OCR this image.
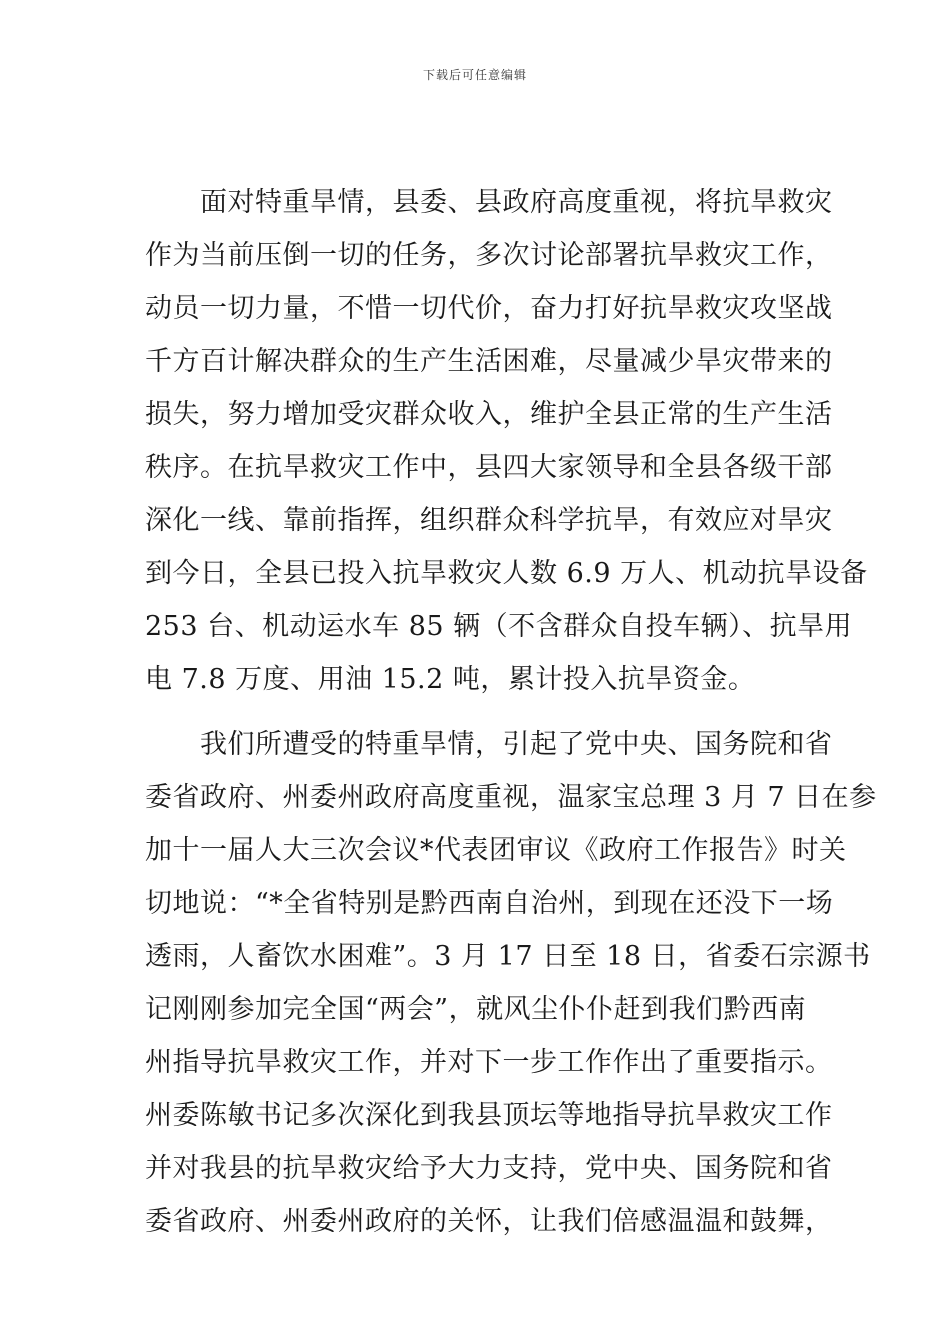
下载后可任意编辑
　　面对特重旱情，县委、县政府高度重视，将抗旱救灾
作为当前压倒一切的任务，多次讨论部署抗旱救灾工作，
动员一切力量，不惜一切代价，奋力打好抗旱救灾攻坚战
千方百计解决群众的生产生活困难，尽量减少旱灾带来的
损失，努力增加受灾群众收入，维护全县正常的生产生活
秩序。在抗旱救灾工作中，县四大家领导和全县各级干部
深化一线、靠前指挥，组织群众科学抗旱，有效应对旱灾
到今日，全县已投入抗旱救灾人数 6.9 万人、机动抗旱设备
253 台、机动运水车 85 辆（不含群众自投车辆）、抗旱用
电 7.8 万度、用油 15.2 吨，累计投入抗旱资金。
　　我们所遭受的特重旱情，引起了党中央、国务院和省
委省政府、州委州政府高度重视，温家宝总理 3 月 7 日在参
加十一届人大三次会议*代表团审议《政府工作报告》时关
切地说：“*全省特别是黔西南自治州，到现在还没下一场
透雨，人畜饮水困难”。3 月 17 日至 18 日，省委石宗源书
记刚刚参加完全国“两会”，就风尘仆仆赶到我们黔西南
州指导抗旱救灾工作，并对下一步工作作出了重要指示。
州委陈敏书记多次深化到我县顶坛等地指导抗旱救灾工作
并对我县的抗旱救灾给予大力支持，党中央、国务院和省
委省政府、州委州政府的关怀，让我们倍感温温和鼓舞，
